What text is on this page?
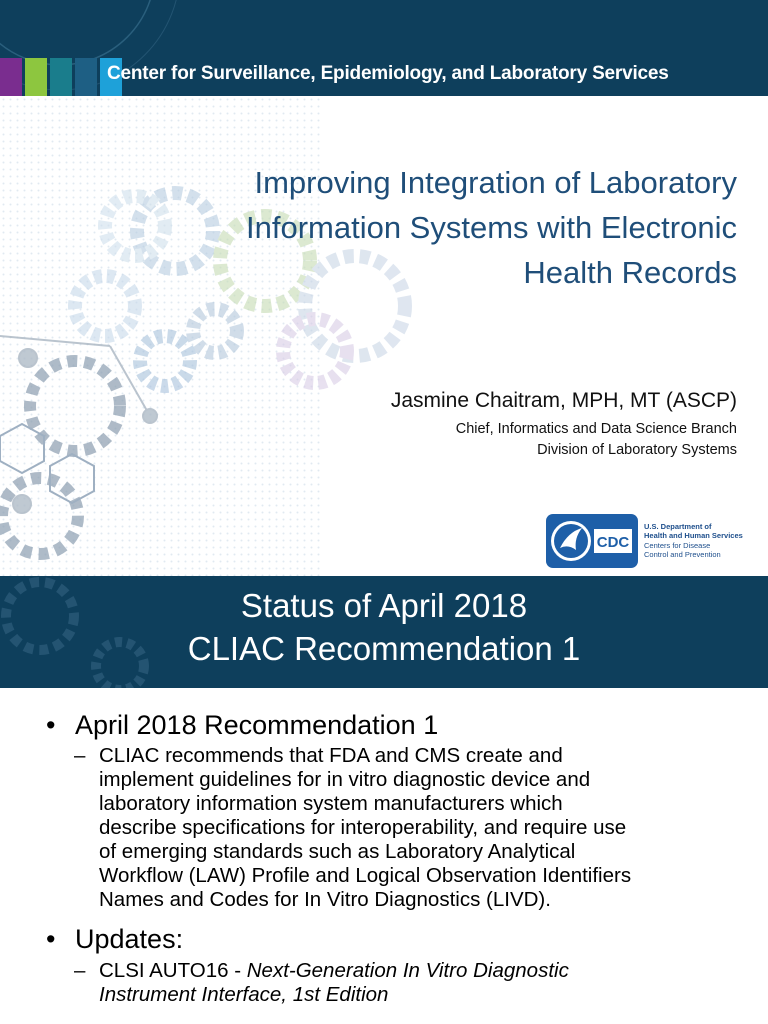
Center for Surveillance, Epidemiology, and Laboratory Services
Improving Integration of Laboratory
Information Systems with Electronic
Health Records
Jasmine Chaitram, MPH, MT (ASCP)
Chief, Informatics and Data Science Branch
Division of Laboratory Systems
CDC
U.S. Department of
Health and Human Services
Centers for Disease
Control and Prevention
Status of April 2018
CLIAC Recommendation 1
• April 2018 Recommendation 1
– CLIAC recommends that FDA and CMS create and
implement guidelines for in vitro diagnostic device and
laboratory information system manufacturers which
describe specifications for interoperability, and require use
of emerging standards such as Laboratory Analytical
Workflow (LAW) Profile and Logical Observation Identifiers
Names and Codes for In Vitro Diagnostics (LIVD).
• Updates:
– CLSI AUTO16 - Next-Generation In Vitro Diagnostic
Instrument Interface, 1st Edition
